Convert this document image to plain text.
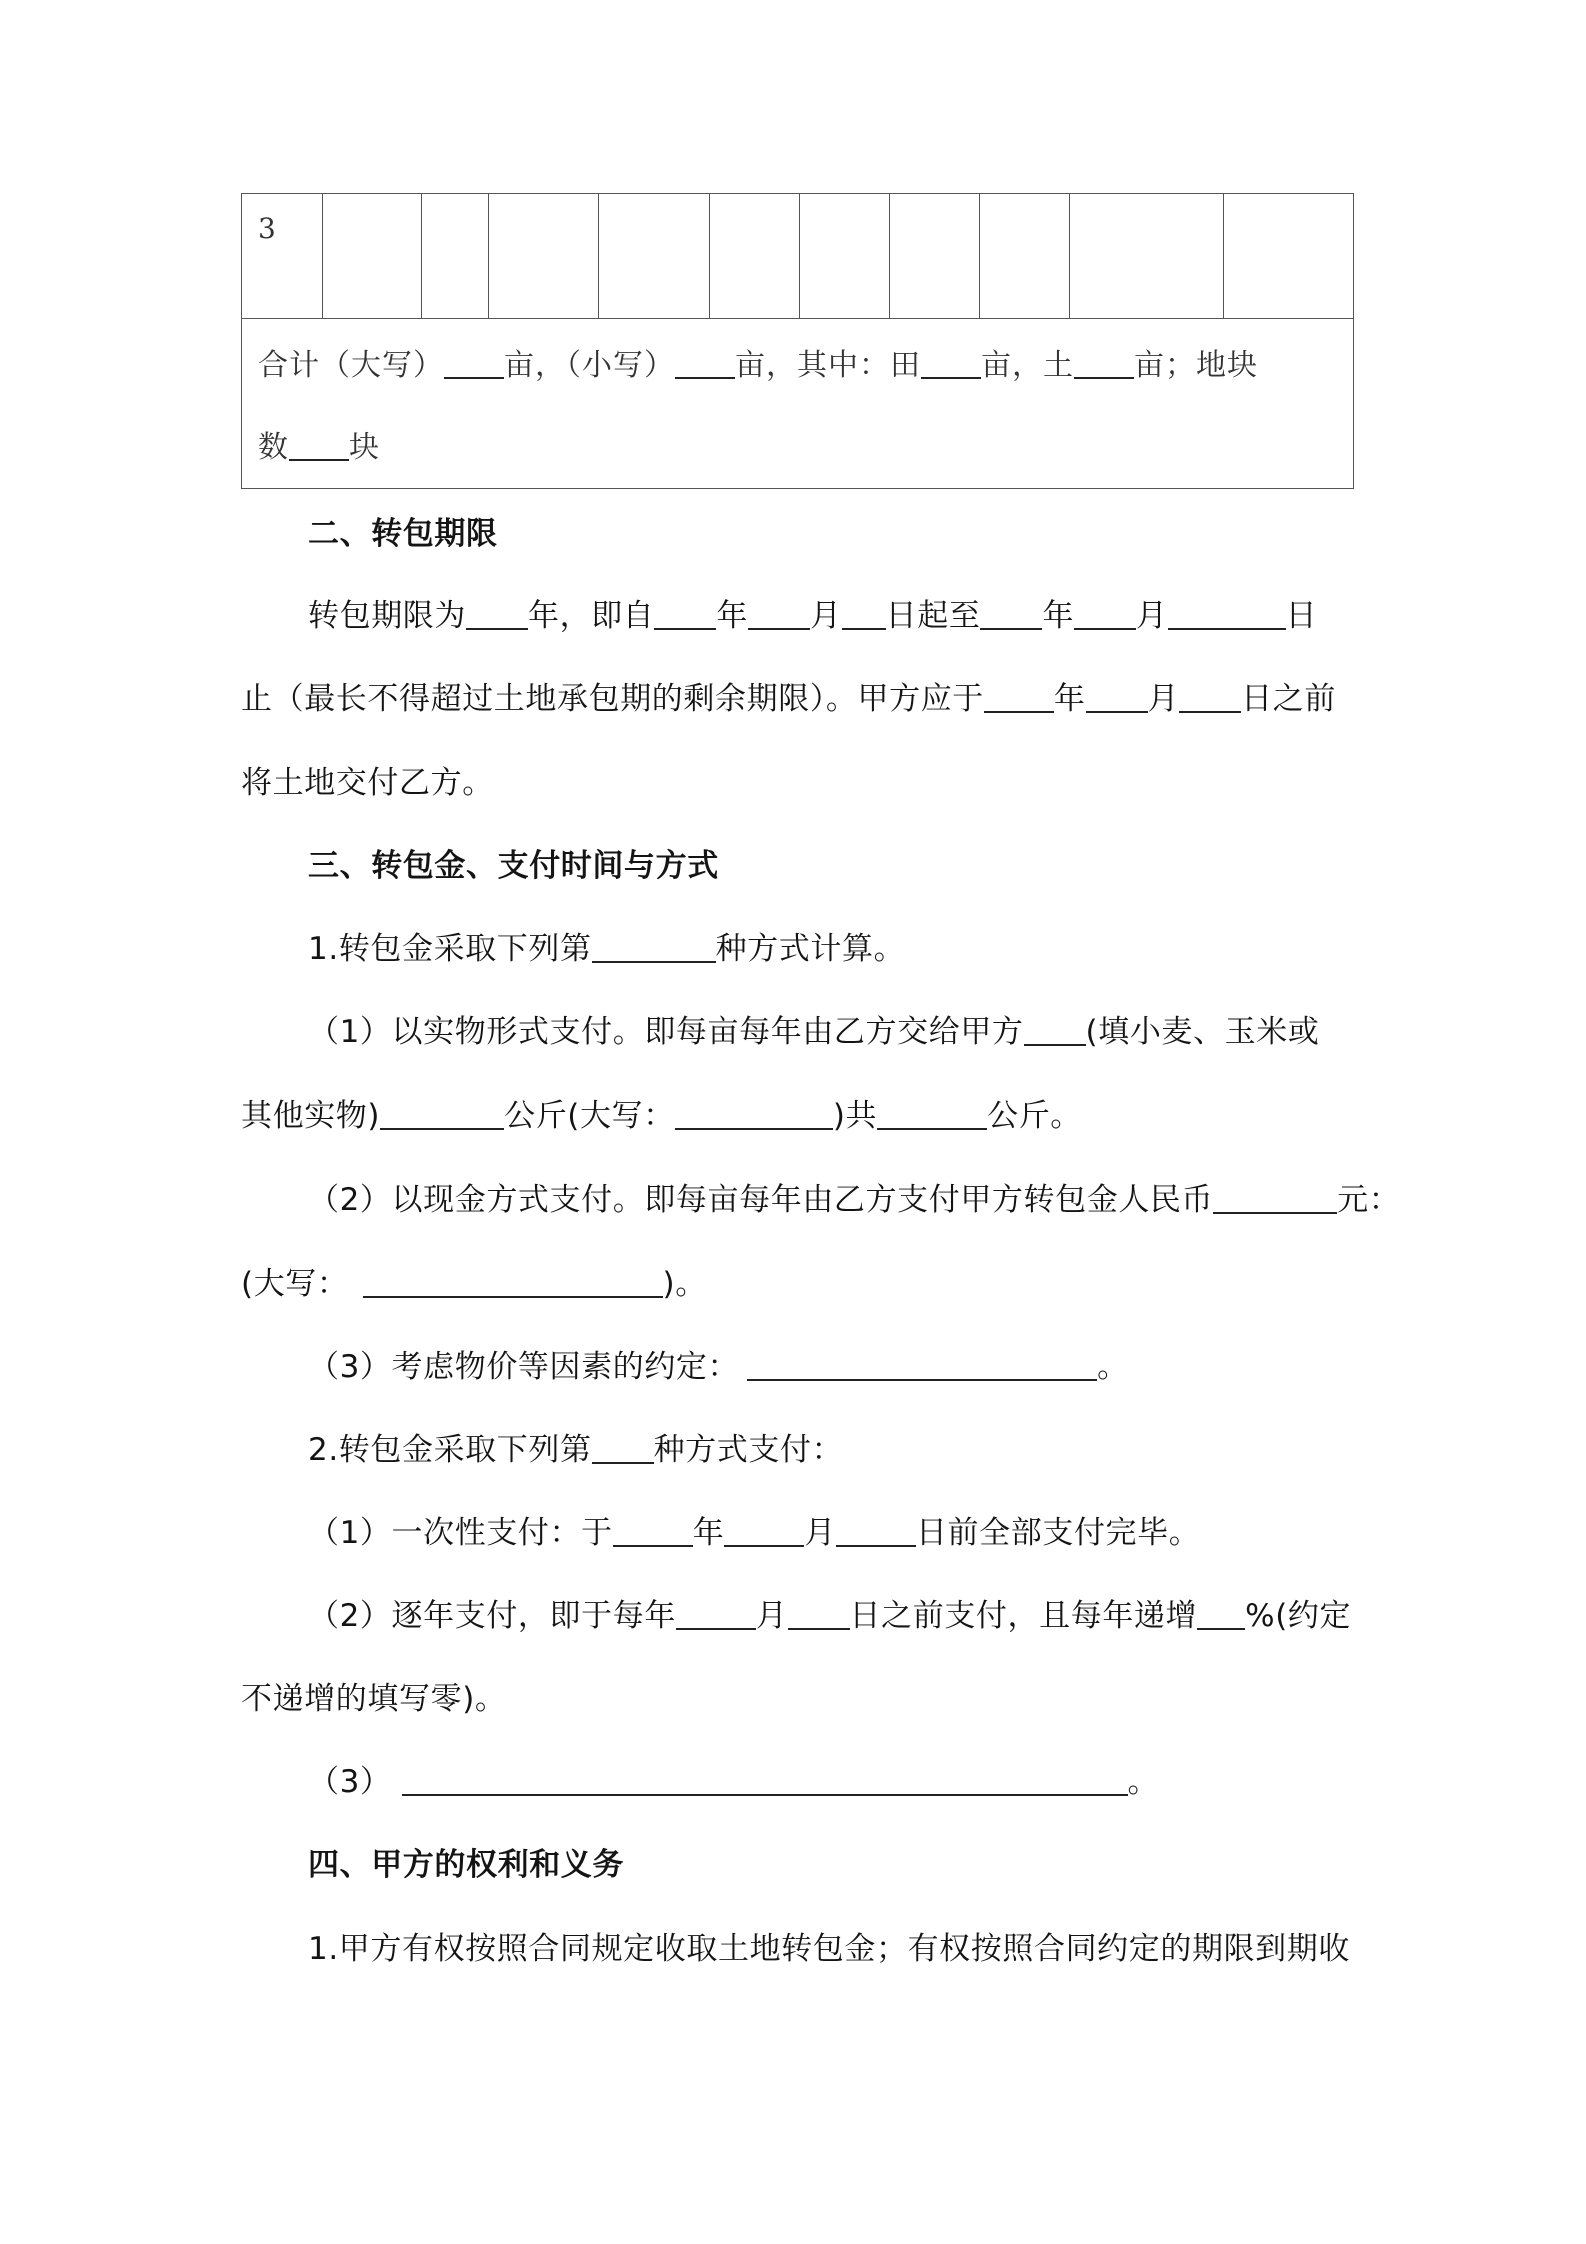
3
合计（大写） 亩，（小写） 亩，其中：田 亩，土 亩；地块
数 块
二、转包期限
转包期限为 年，即自 年 月 日起至 年 月	日
止（最长不得超过土地承包期的剩余期限）。甲方应于 年 月 日之前
将土地交付乙方。
三、转包金、支付时间与方式
1.转包金采取下列第	种方式计算。
（1）以实物形式支付。即每亩每年由乙方交给甲方 (填小麦、玉米或
其他实物)	公斤(大写：	)共	公斤。
（2）以现金方式支付。即每亩每年由乙方支付甲方转包金人民币	元：
(大写：	)。
（3）考虑物价等因素的约定：	。
2.转包金采取下列第 种方式支付：
（1）一次性支付：于	年	月	日前全部支付完毕。
（2）逐年支付，即于每年	月 日之前支付，且每年递增 %(约定
不递增的填写零)。
（3）	。
四、甲方的权利和义务
1.甲方有权按照合同规定收取土地转包金；有权按照合同约定的期限到期收
